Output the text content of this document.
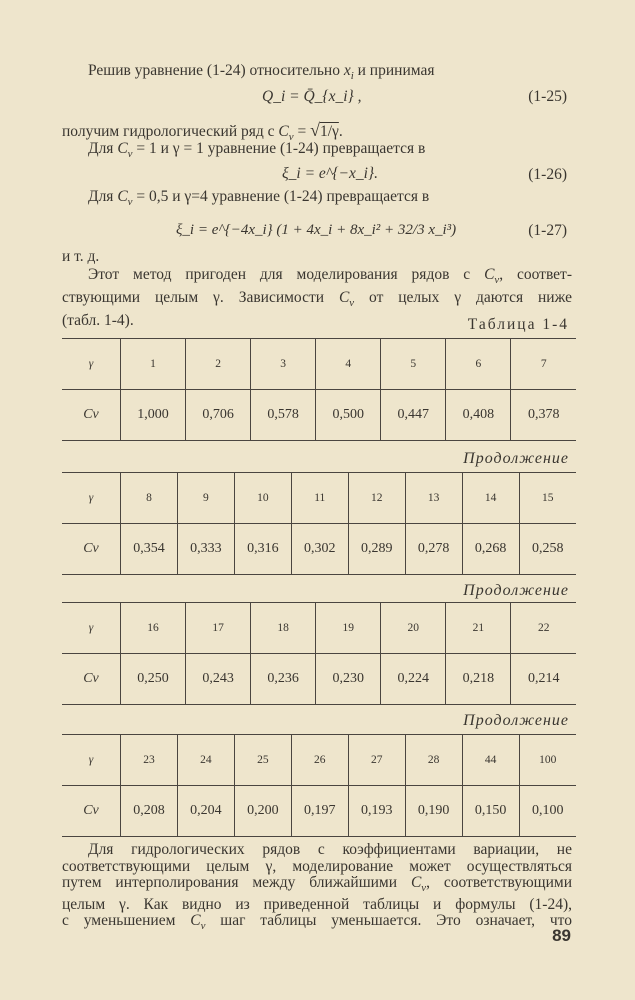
Решив уравнение (1-24) относительно $x_i$ и принимая
Q_i = Q̄_{x_i} ,	(1-25)
получим гидрологический ряд с $C_v = √1/\gamma$.
Для $C_v = 1$ и γ = 1 уравнение (1-24) превращается в
ξ_i = e^{−x_i}.	(1-26)
Для $C_v = 0,5$ и γ=4 уравнение (1-24) превращается в
ξ_i = e^{−4x_i} (1 + 4x_i + 8x_i² + 32/3 x_i³)	(1-27)
и т. д.
Этот метод пригоден для моделирования рядов с $C_v$, соответ-
ствующими целым γ. Зависимости $C_v$ от целых γ даются ниже
(табл. 1-4).	Таблица 1-4
γ	1	2	3	4	5	6	7
Cv	1,000	0,706	0,578	0,500	0,447	0,408	0,378
Продолжение
γ	8	9	10	11	12	13	14	15
Cv	0,354	0,333	0,316	0,302	0,289	0,278	0,268	0,258
Продолжение
γ	16	17	18	19	20	21	22
Cv	0,250	0,243	0,236	0,230	0,224	0,218	0,214
Продолжение
γ	23	24	25	26	27	28	44	100
Cv	0,208	0,204	0,200	0,197	0,193	0,190	0,150	0,100
Для гидрологических рядов с коэффициентами вариации, не
соответствующими целым γ, моделирование может осуществляться
путем интерполирования между ближайшими $C_v$, соответствующими
целым γ. Как видно из приведенной таблицы и формулы (1-24),
с уменьшением $C_v$ шаг таблицы уменьшается. Это означает, что
89
